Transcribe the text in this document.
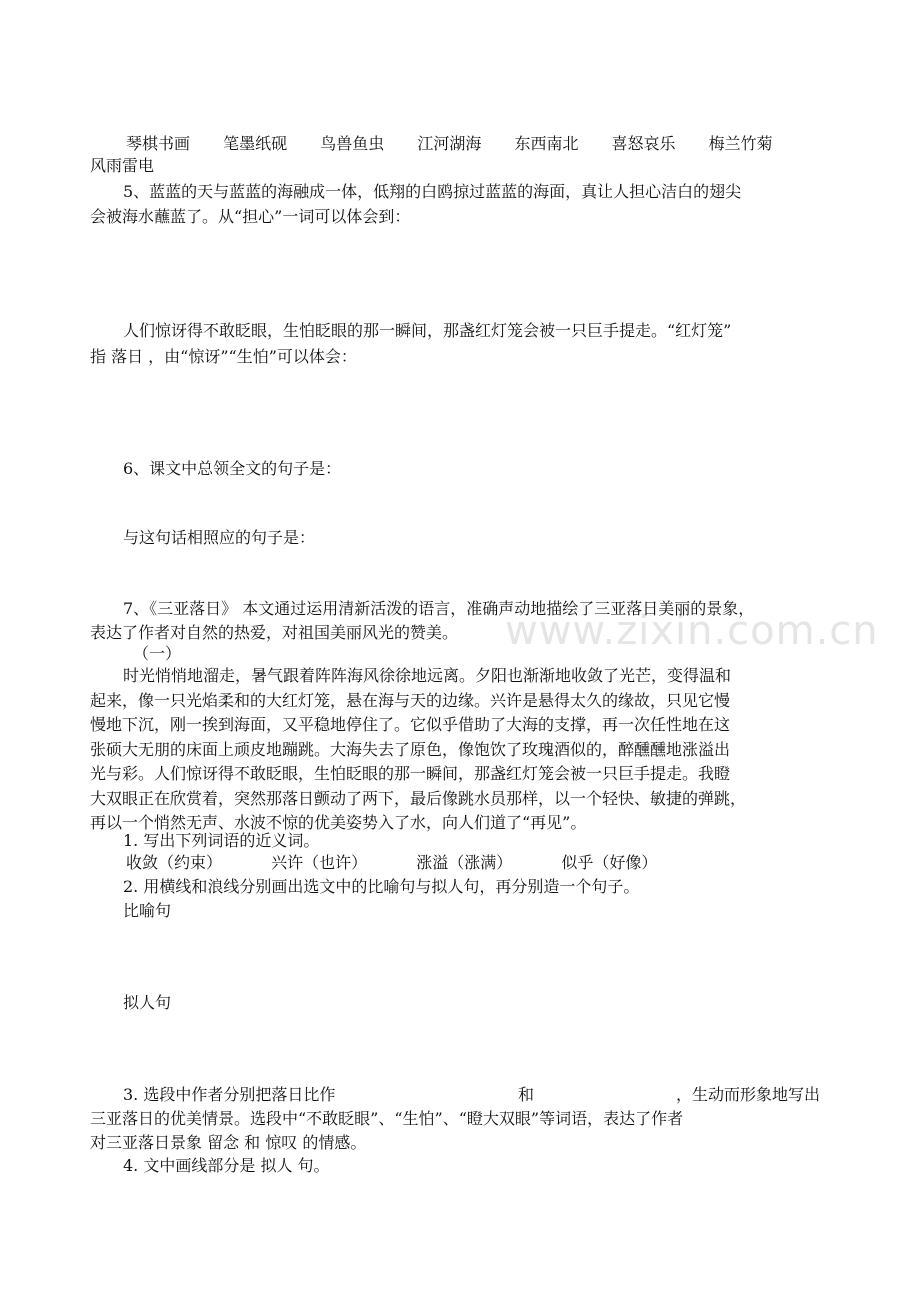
www.zixin.com.cn
琴棋书画 笔墨纸砚 鸟兽鱼虫 江河湖海 东西南北 喜怒哀乐 梅兰竹菊
风雨雷电
5、蓝蓝的天与蓝蓝的海融成一体，低翔的白鸥掠过蓝蓝的海面，真让人担心洁白的翅尖
会被海水蘸蓝了。从“担心”一词可以体会到：
人们惊讶得不敢眨眼，生怕眨眼的那一瞬间，那盏红灯笼会被一只巨手提走。“红灯笼”
指 落日 ，由“惊讶”“生怕”可以体会：
6、课文中总领全文的句子是：
与这句话相照应的句子是：
7、《三亚落日》 本文通过运用清新活泼的语言，准确声动地描绘了三亚落日美丽的景象，
表达了作者对自然的热爱，对祖国美丽风光的赞美。
（一）
时光悄悄地溜走，暑气跟着阵阵海风徐徐地远离。夕阳也渐渐地收敛了光芒，变得温和
起来，像一只光焰柔和的大红灯笼，悬在海与天的边缘。兴许是悬得太久的缘故，只见它慢
慢地下沉，刚一挨到海面，又平稳地停住了。它似乎借助了大海的支撑，再一次任性地在这
张硕大无朋的床面上顽皮地蹦跳。大海失去了原色，像饱饮了玫瑰酒似的，醉醺醺地涨溢出
光与彩。人们惊讶得不敢眨眼，生怕眨眼的那一瞬间，那盏红灯笼会被一只巨手提走。我瞪
大双眼正在欣赏着，突然那落日颤动了两下，最后像跳水员那样，以一个轻快、敏捷的弹跳，
再以一个悄然无声、水波不惊的优美姿势入了水，向人们道了“再见”。
1. 写出下列词语的近义词。
收敛（约束）	兴许（也许）	涨溢（涨满）	似乎（好像）
2. 用横线和浪线分别画出选文中的比喻句与拟人句，再分别造一个句子。
比喻句
拟人句
3. 选段中作者分别把落日比作	和	，生动而形象地写出
三亚落日的优美情景。选段中“不敢眨眼”、“生怕”、“瞪大双眼”等词语，表达了作者
对三亚落日景象 留念 和 惊叹 的情感。
4. 文中画线部分是 拟人 句。
